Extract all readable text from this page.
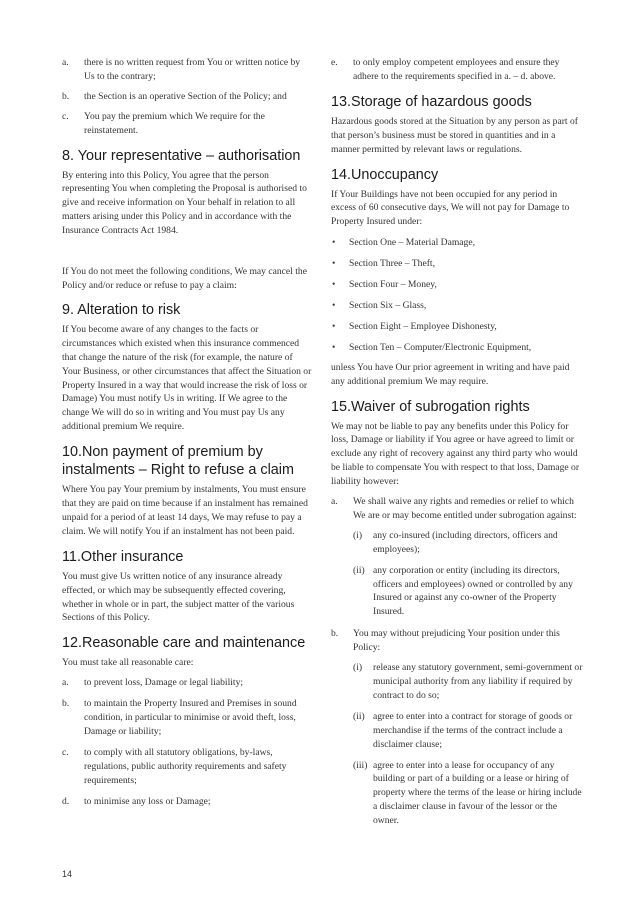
a. there is no written request from You or written notice by Us to the contrary;
b. the Section is an operative Section of the Policy; and
c. You pay the premium which We require for the reinstatement.
8. Your representative – authorisation

By entering into this Policy, You agree that the person representing You when completing the Proposal is authorised to give and receive information on Your behalf in relation to all matters arising under this Policy and in accordance with the Insurance Contracts Act 1984.

If You do not meet the following conditions, We may cancel the Policy and/or reduce or refuse to pay a claim:

9. Alteration to risk

If You become aware of any changes to the facts or circumstances which existed when this insurance commenced that change the nature of the risk (for example, the nature of Your Business, or other circumstances that affect the Situation or Property Insured in a way that would increase the risk of loss or Damage) You must notify Us in writing. If We agree to the change We will do so in writing and You must pay Us any additional premium We require.

10.Non payment of premium by instalments – Right to refuse a claim

Where You pay Your premium by instalments, You must ensure that they are paid on time because if an instalment has remained unpaid for a period of at least 14 days, We may refuse to pay a claim. We will notify You if an instalment has not been paid.

11.Other insurance

You must give Us written notice of any insurance already effected, or which may be subsequently effected covering, whether in whole or in part, the subject matter of the various Sections of this Policy.

12.Reasonable care and maintenance

You must take all reasonable care:

a. to prevent loss, Damage or legal liability;
b. to maintain the Property Insured and Premises in sound condition, in particular to minimise or avoid theft, loss, Damage or liability;
c. to comply with all statutory obligations, by-laws, regulations, public authority requirements and safety requirements;
d. to minimise any loss or Damage;
e. to only employ competent employees and ensure they adhere to the requirements specified in a. – d. above.
13.Storage of hazardous goods

Hazardous goods stored at the Situation by any person as part of that person’s business must be stored in quantities and in a manner permitted by relevant laws or regulations.

14.Unoccupancy

If Your Buildings have not been occupied for any period in excess of 60 consecutive days, We will not pay for Damage to Property Insured under:

• Section One – Material Damage,
• Section Three – Theft,
• Section Four – Money,
• Section Six – Glass,
• Section Eight – Employee Dishonesty,
• Section Ten – Computer/Electronic Equipment,

unless You have Our prior agreement in writing and have paid any additional premium We may require.

15.Waiver of subrogation rights

We may not be liable to pay any benefits under this Policy for loss, Damage or liability if You agree or have agreed to limit or exclude any right of recovery against any third party who would be liable to compensate You with respect to that loss, Damage or liability however:

a. We shall waive any rights and remedies or relief to which We are or may become entitled under subrogation against:
(i) any co-insured (including directors, officers and employees);
(ii) any corporation or entity (including its directors, officers and employees) owned or controlled by any Insured or against any co-owner of the Property Insured.
b. You may without prejudicing Your position under this Policy:
(i) release any statutory government, semi-government or municipal authority from any liability if required by contract to do so;
(ii) agree to enter into a contract for storage of goods or merchandise if the terms of the contract include a disclaimer clause;
(iii) agree to enter into a lease for occupancy of any building or part of a building or a lease or hiring of property where the terms of the lease or hiring include a disclaimer clause in favour of the lessor or the owner.
14
